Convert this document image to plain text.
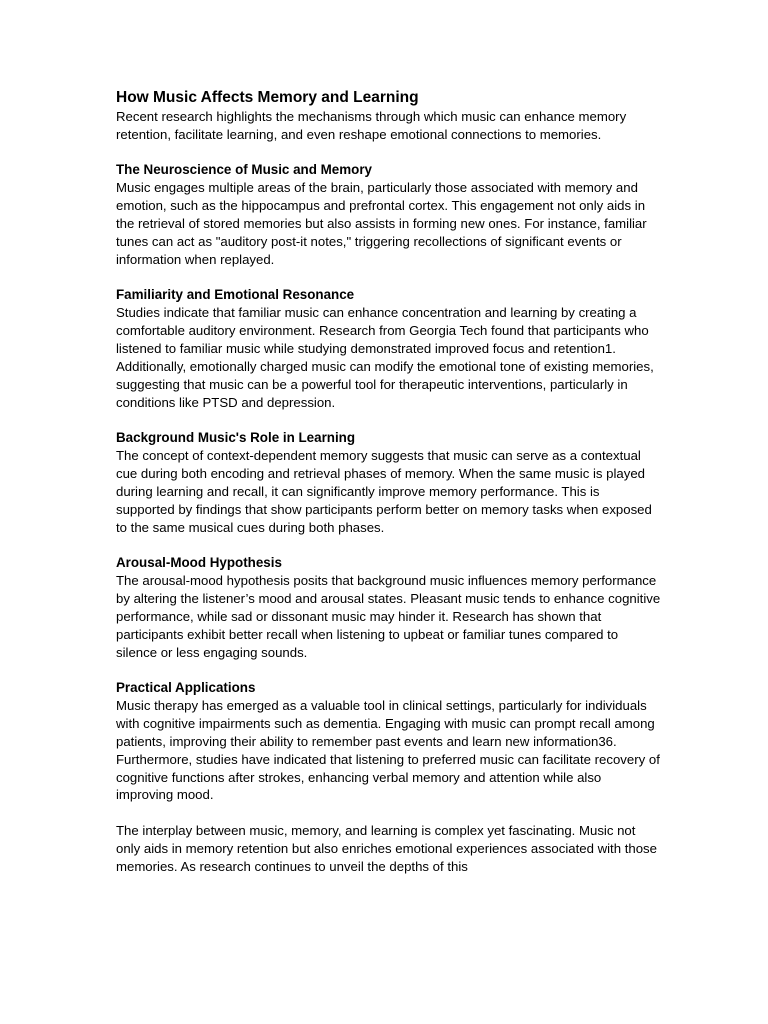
How Music Affects Memory and Learning

Recent research highlights the mechanisms through which music can enhance memory retention, facilitate learning, and even reshape emotional connections to memories.

The Neuroscience of Music and Memory

Music engages multiple areas of the brain, particularly those associated with memory and emotion, such as the hippocampus and prefrontal cortex. This engagement not only aids in the retrieval of stored memories but also assists in forming new ones. For instance, familiar tunes can act as "auditory post-it notes," triggering recollections of significant events or information when replayed.

Familiarity and Emotional Resonance

Studies indicate that familiar music can enhance concentration and learning by creating a comfortable auditory environment. Research from Georgia Tech found that participants who listened to familiar music while studying demonstrated improved focus and retention1. Additionally, emotionally charged music can modify the emotional tone of existing memories, suggesting that music can be a powerful tool for therapeutic interventions, particularly in conditions like PTSD and depression.

Background Music's Role in Learning

The concept of context-dependent memory suggests that music can serve as a contextual cue during both encoding and retrieval phases of memory. When the same music is played during learning and recall, it can significantly improve memory performance. This is supported by findings that show participants perform better on memory tasks when exposed to the same musical cues during both phases.

Arousal-Mood Hypothesis

The arousal-mood hypothesis posits that background music influences memory performance by altering the listener’s mood and arousal states. Pleasant music tends to enhance cognitive performance, while sad or dissonant music may hinder it. Research has shown that participants exhibit better recall when listening to upbeat or familiar tunes compared to silence or less engaging sounds.

Practical Applications

Music therapy has emerged as a valuable tool in clinical settings, particularly for individuals with cognitive impairments such as dementia. Engaging with music can prompt recall among patients, improving their ability to remember past events and learn new information36. Furthermore, studies have indicated that listening to preferred music can facilitate recovery of cognitive functions after strokes, enhancing verbal memory and attention while also improving mood.

The interplay between music, memory, and learning is complex yet fascinating. Music not only aids in memory retention but also enriches emotional experiences associated with those memories. As research continues to unveil the depths of this
